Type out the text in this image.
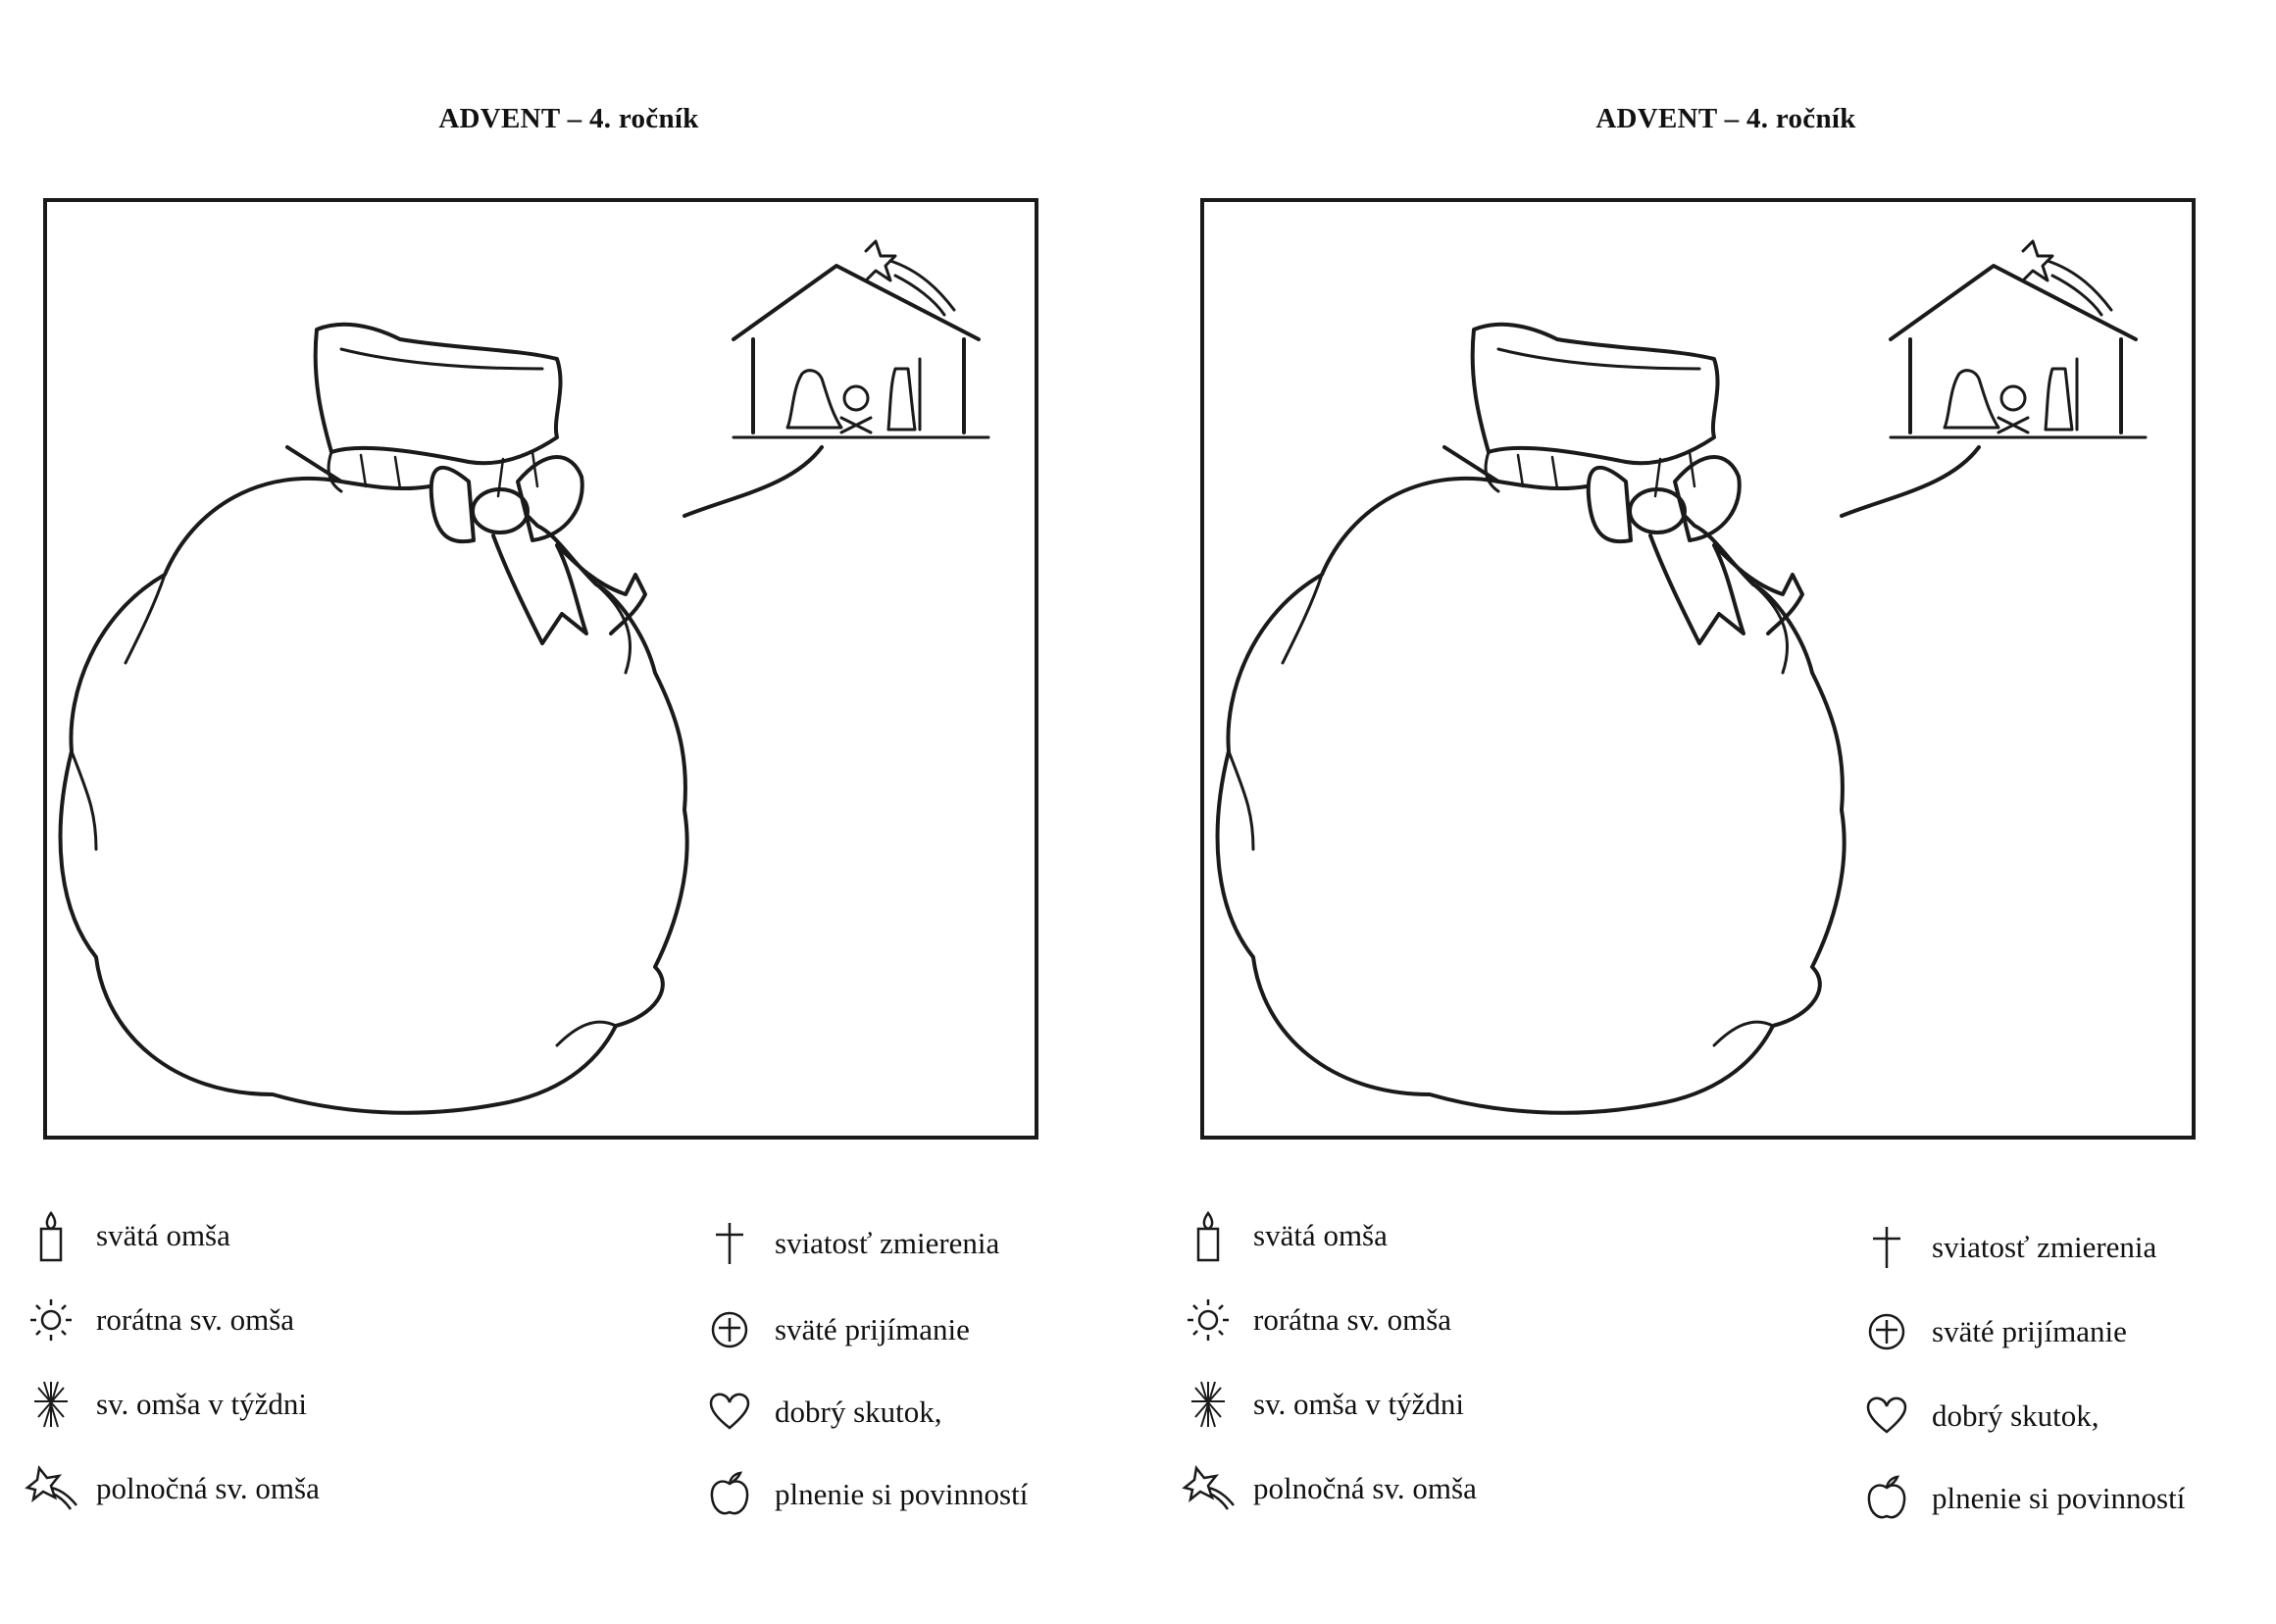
ADVENT – 4. ročník
svätá omša
rorátna sv. omša
sv. omša v týždni
polnočná sv. omša
sviatosť zmierenia
sväté prijímanie
dobrý skutok,
plnenie si povinností
ADVENT – 4. ročník
svätá omša
rorátna sv. omša
sv. omša v týždni
polnočná sv. omša
sviatosť zmierenia
sväté prijímanie
dobrý skutok,
plnenie si povinností
